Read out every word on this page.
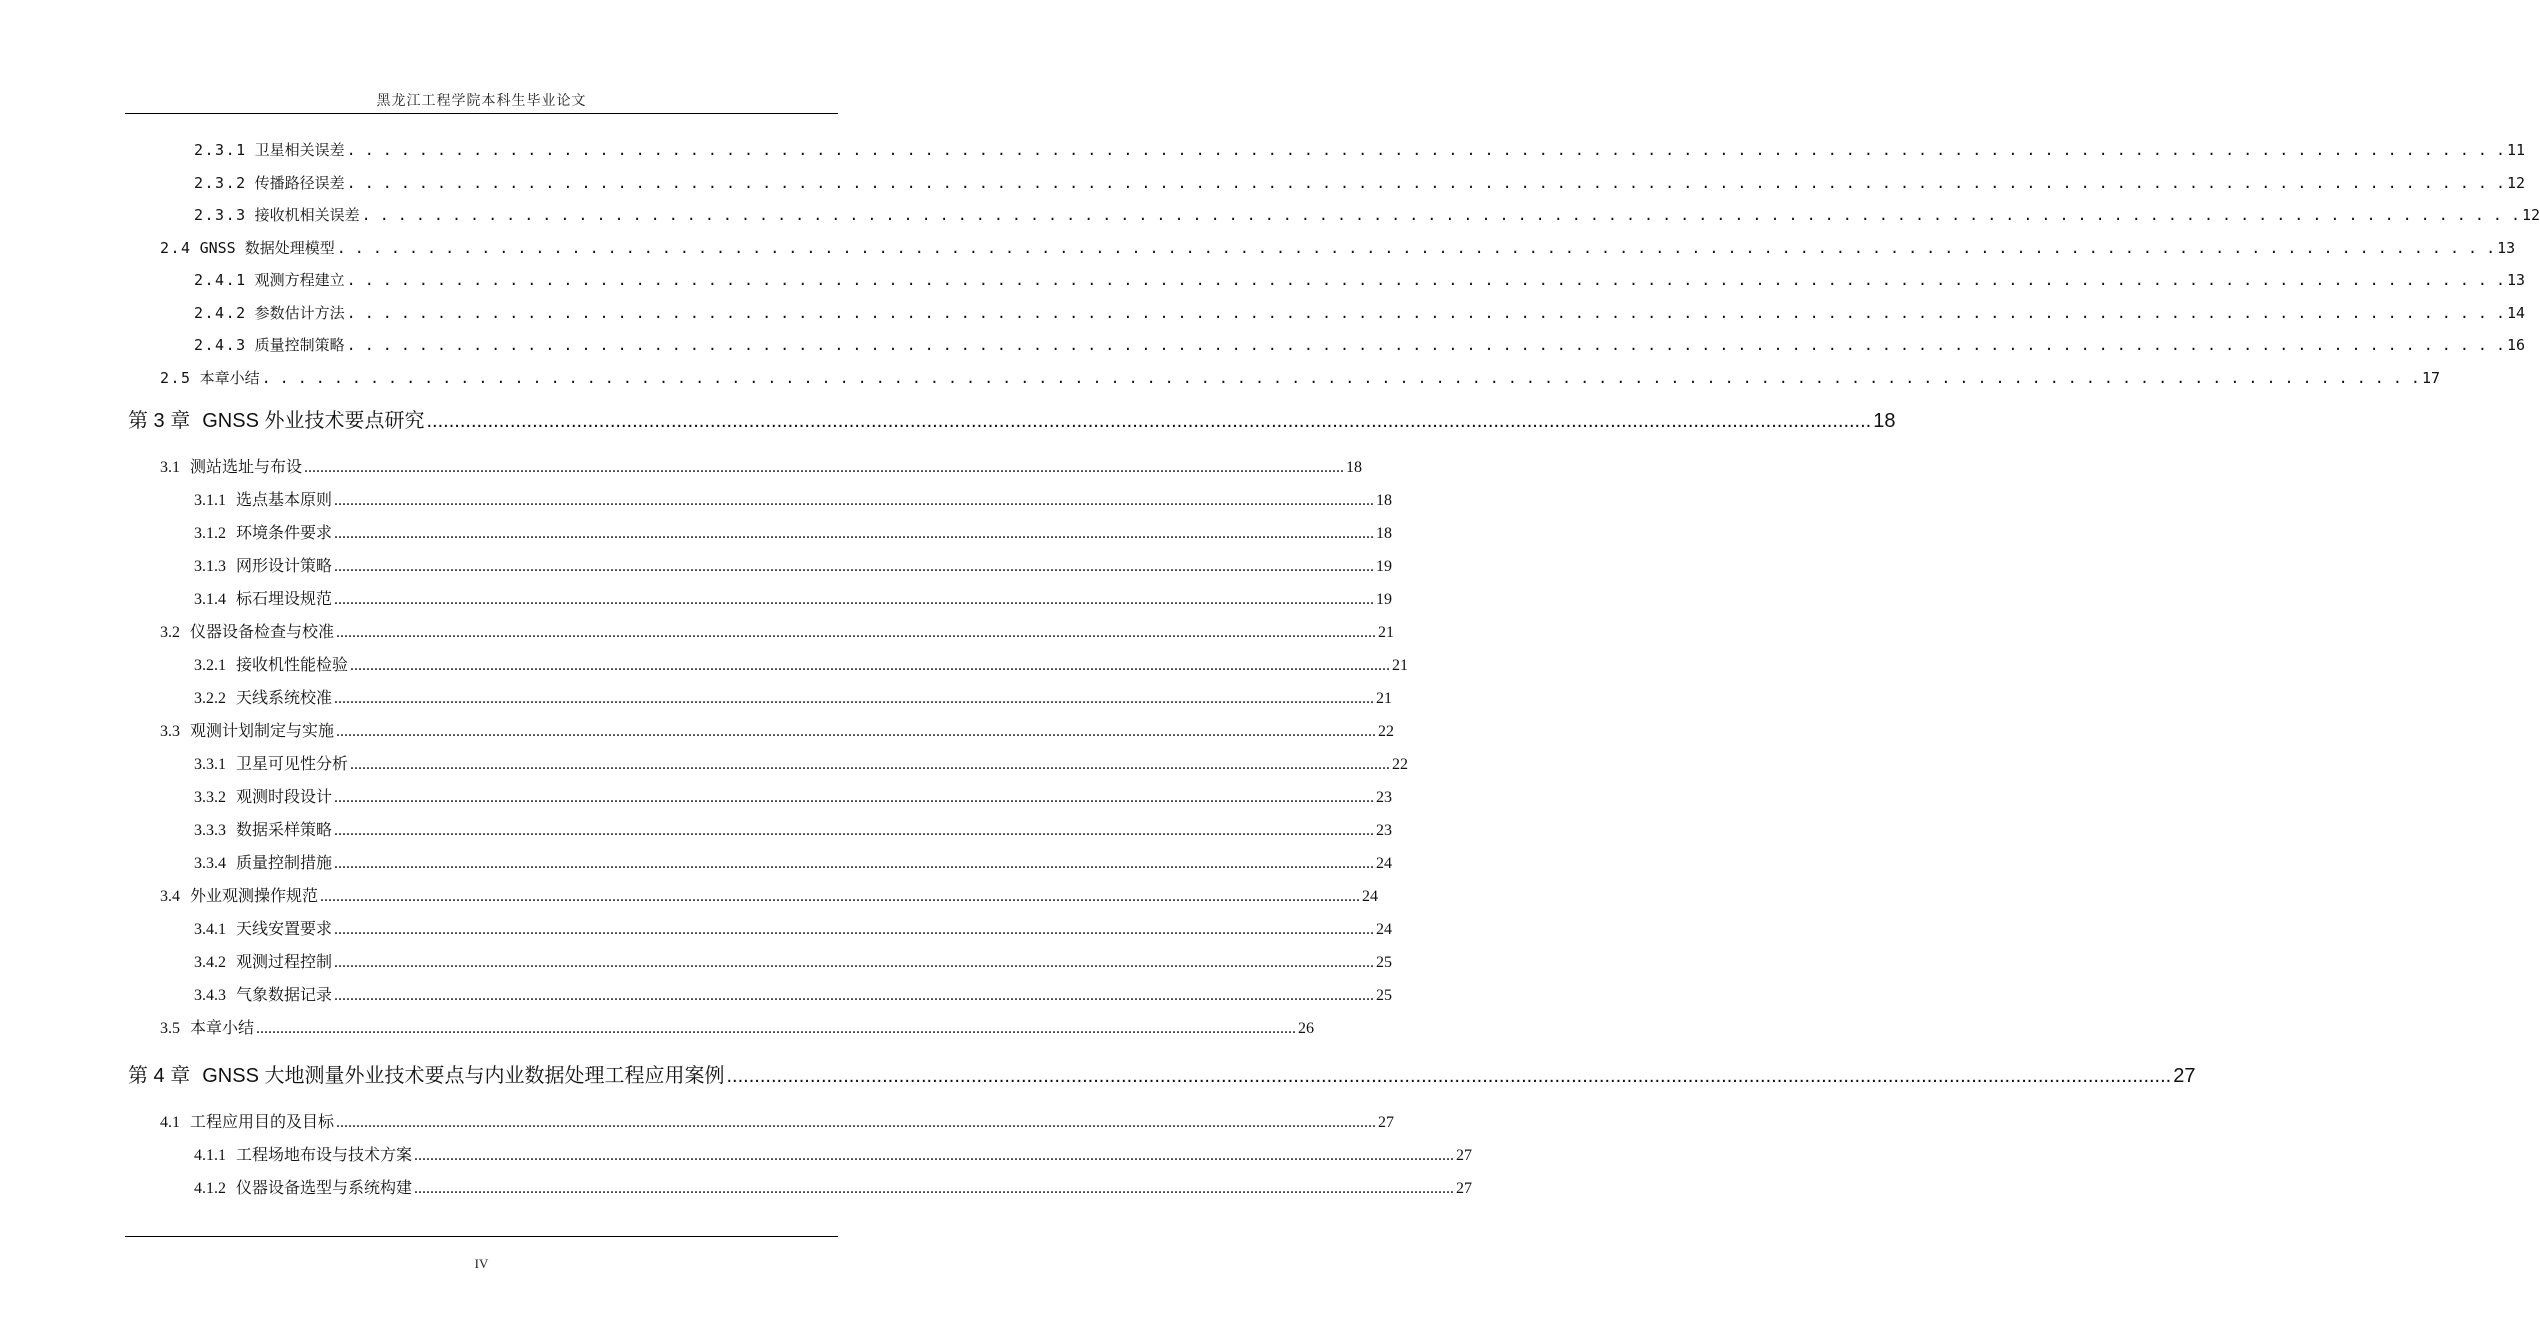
黑龙江工程学院本科生毕业论文
2.3.1 卫星相关误差 . . . . . . . . . . . . . . . . . . . . . . . . . . . . . . . . . . . . . . . . . . . . . . . . . . . . . . . . . . . . . . . . . . . . . . . . . . . . . . . . . . . . . . . . . . . . . . . . . . . . . . . . . . . . . . . . . . . . . . . . 11
2.3.2 传播路径误差 . . . . . . . . . . . . . . . . . . . . . . . . . . . . . . . . . . . . . . . . . . . . . . . . . . . . . . . . . . . . . . . . . . . . . . . . . . . . . . . . . . . . . . . . . . . . . . . . . . . . . . . . . . . . . . . . . . . . . . . . 12
2.3.3 接收机相关误差 . . . . . . . . . . . . . . . . . . . . . . . . . . . . . . . . . . . . . . . . . . . . . . . . . . . . . . . . . . . . . . . . . . . . . . . . . . . . . . . . . . . . . . . . . . . . . . . . . . . . . . . . . . . . . . . . . . . . . . . . 12
2.4 GNSS 数据处理模型 . . . . . . . . . . . . . . . . . . . . . . . . . . . . . . . . . . . . . . . . . . . . . . . . . . . . . . . . . . . . . . . . . . . . . . . . . . . . . . . . . . . . . . . . . . . . . . . . . . . . . . . . . . . . . . . . . . . . . . . . 13
2.4.1 观测方程建立 . . . . . . . . . . . . . . . . . . . . . . . . . . . . . . . . . . . . . . . . . . . . . . . . . . . . . . . . . . . . . . . . . . . . . . . . . . . . . . . . . . . . . . . . . . . . . . . . . . . . . . . . . . . . . . . . . . . . . . . . 13
2.4.2 参数估计方法 . . . . . . . . . . . . . . . . . . . . . . . . . . . . . . . . . . . . . . . . . . . . . . . . . . . . . . . . . . . . . . . . . . . . . . . . . . . . . . . . . . . . . . . . . . . . . . . . . . . . . . . . . . . . . . . . . . . . . . . . 14
2.4.3 质量控制策略 . . . . . . . . . . . . . . . . . . . . . . . . . . . . . . . . . . . . . . . . . . . . . . . . . . . . . . . . . . . . . . . . . . . . . . . . . . . . . . . . . . . . . . . . . . . . . . . . . . . . . . . . . . . . . . . . . . . . . . . . 16
2.5 本章小结 . . . . . . . . . . . . . . . . . . . . . . . . . . . . . . . . . . . . . . . . . . . . . . . . . . . . . . . . . . . . . . . . . . . . . . . . . . . . . . . . . . . . . . . . . . . . . . . . . . . . . . . . . . . . . . . . . . . . . . . . 17
第 3 章 GNSS 外业技术要点研究 .................................................................................................................................................................................................................................................................... 18
3.1 测站选址与布设 .................................................................................................................................................................................................................................................................... 18
3.1.1 选点基本原则 .................................................................................................................................................................................................................................................................... 18
3.1.2 环境条件要求 .................................................................................................................................................................................................................................................................... 18
3.1.3 网形设计策略 .................................................................................................................................................................................................................................................................... 19
3.1.4 标石埋设规范 .................................................................................................................................................................................................................................................................... 19
3.2 仪器设备检查与校准 .................................................................................................................................................................................................................................................................... 21
3.2.1 接收机性能检验 .................................................................................................................................................................................................................................................................... 21
3.2.2 天线系统校准 .................................................................................................................................................................................................................................................................... 21
3.3 观测计划制定与实施 .................................................................................................................................................................................................................................................................... 22
3.3.1 卫星可见性分析 .................................................................................................................................................................................................................................................................... 22
3.3.2 观测时段设计 .................................................................................................................................................................................................................................................................... 23
3.3.3 数据采样策略 .................................................................................................................................................................................................................................................................... 23
3.3.4 质量控制措施 .................................................................................................................................................................................................................................................................... 24
3.4 外业观测操作规范 .................................................................................................................................................................................................................................................................... 24
3.4.1 天线安置要求 .................................................................................................................................................................................................................................................................... 24
3.4.2 观测过程控制 .................................................................................................................................................................................................................................................................... 25
3.4.3 气象数据记录 .................................................................................................................................................................................................................................................................... 25
3.5 本章小结 .................................................................................................................................................................................................................................................................... 26
第 4 章 GNSS 大地测量外业技术要点与内业数据处理工程应用案例 .................................................................................................................................................................................................................................................................... 27
4.1 工程应用目的及目标 .................................................................................................................................................................................................................................................................... 27
4.1.1 工程场地布设与技术方案 .................................................................................................................................................................................................................................................................... 27
4.1.2 仪器设备选型与系统构建 .................................................................................................................................................................................................................................................................... 27
IV
